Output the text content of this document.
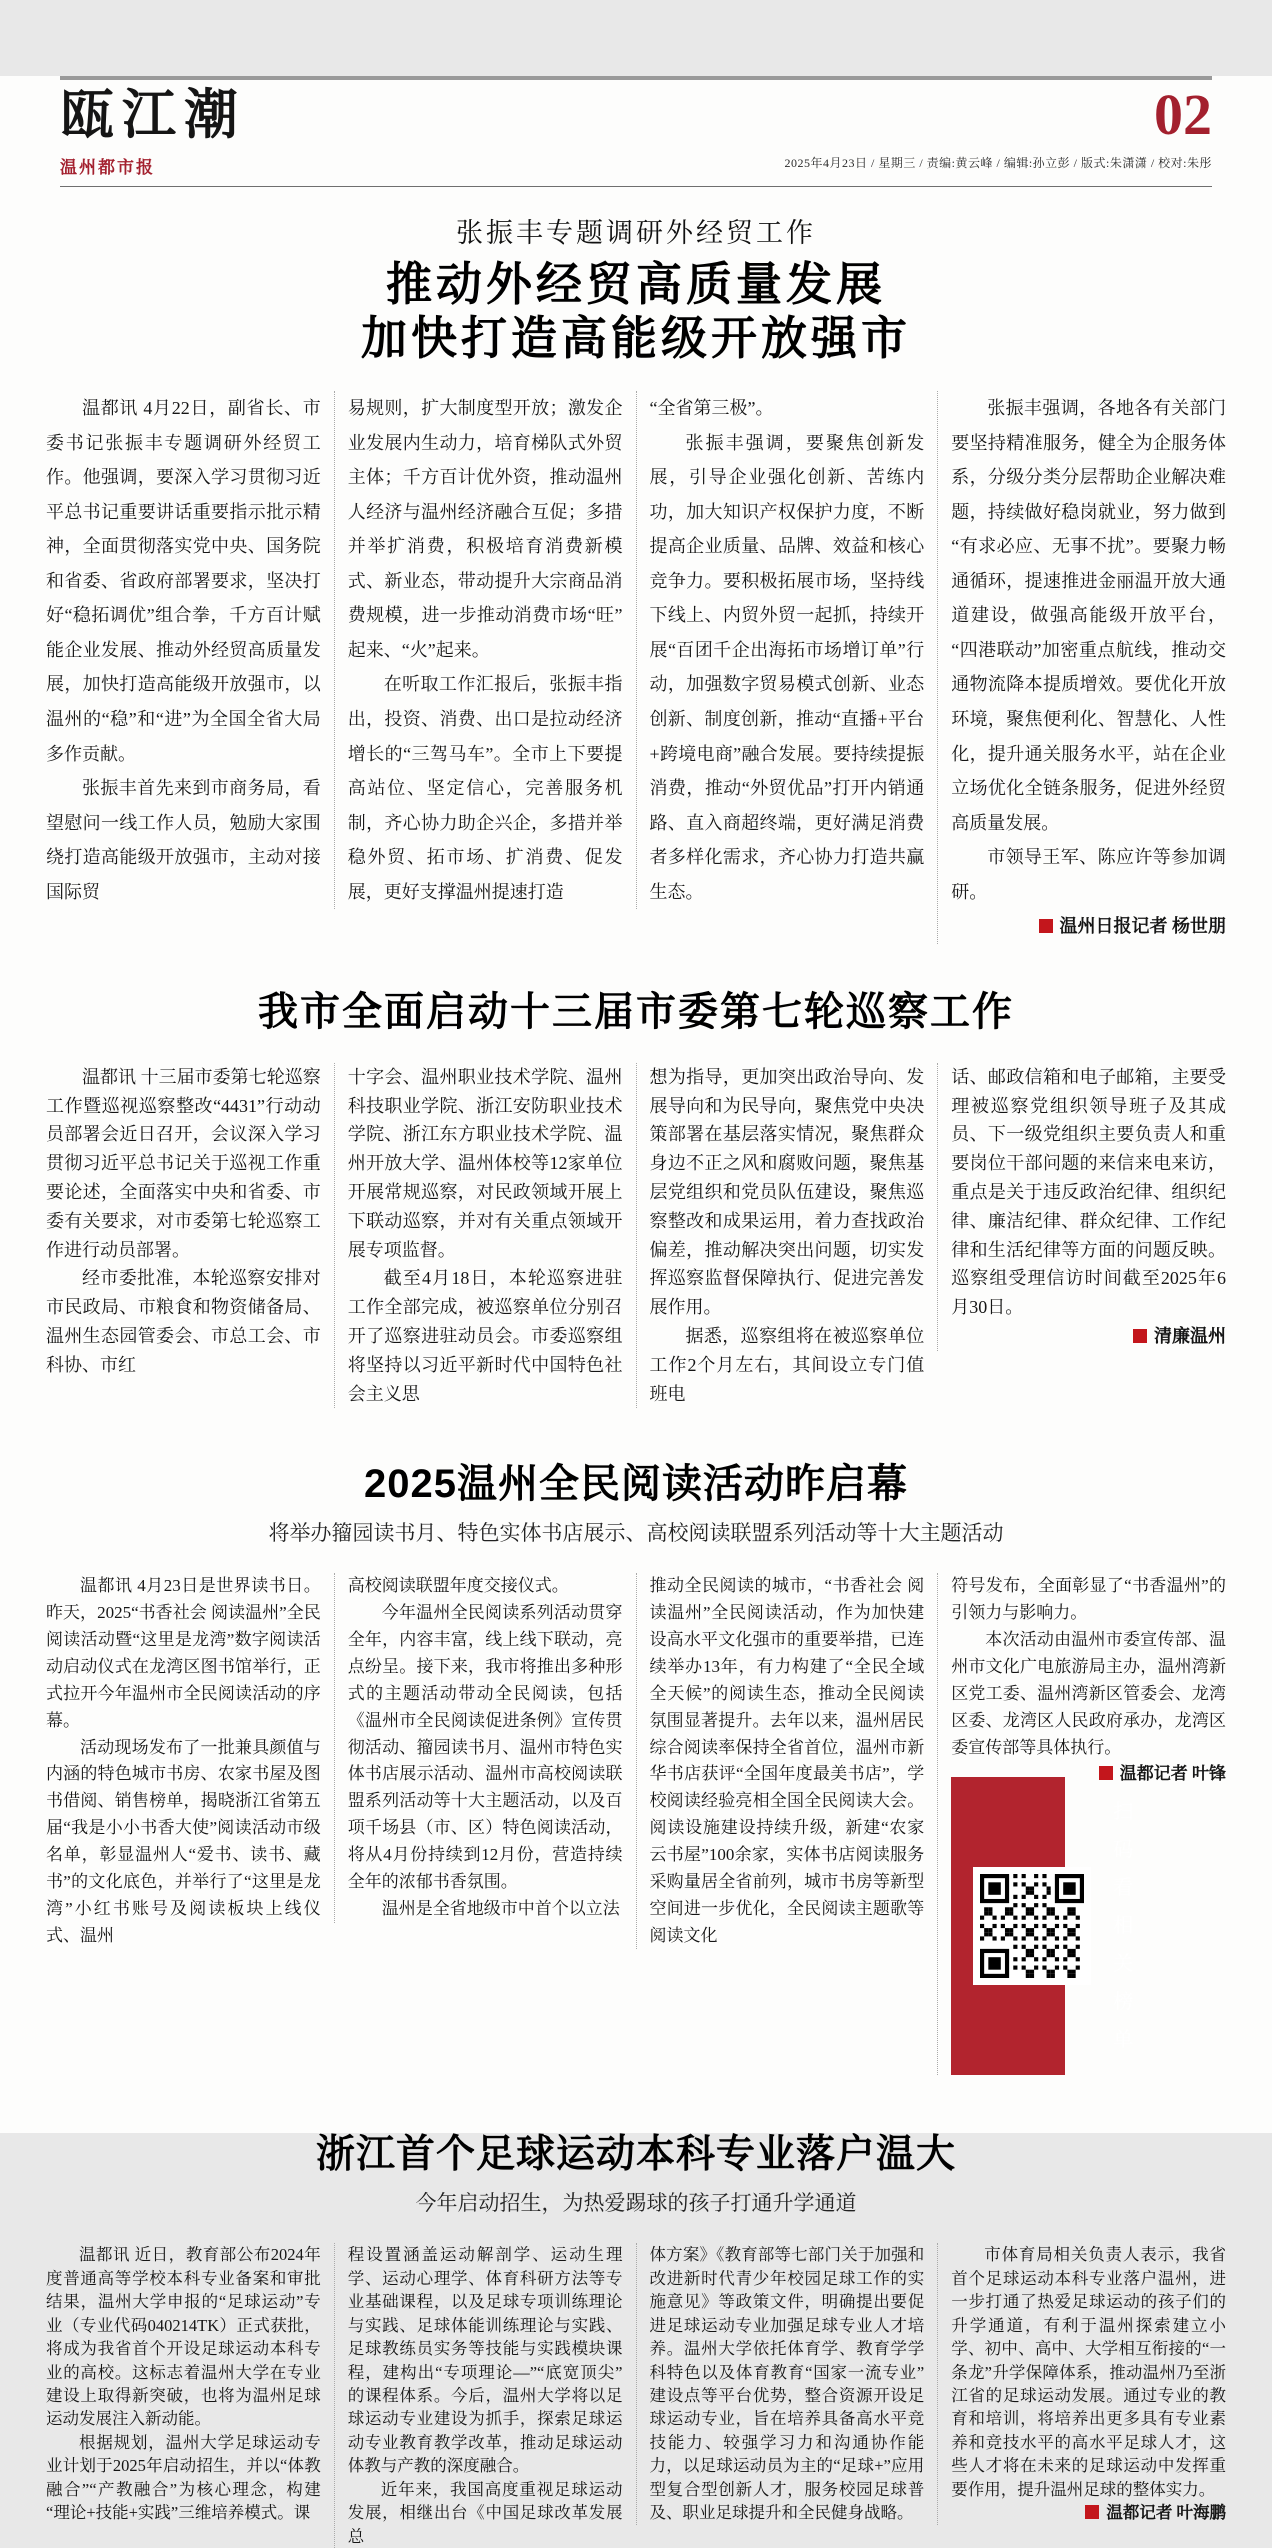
瓯江潮
温州都市报
02
2025年4月23日 / 星期三 / 责编:黄云峰 / 编辑:孙立彭 / 版式:朱潇潇 / 校对:朱彤
张振丰专题调研外经贸工作
推动外经贸高质量发展
加快打造高能级开放强市

温都讯 4月22日，副省长、市委书记张振丰专题调研外经贸工作。他强调，要深入学习贯彻习近平总书记重要讲话重要指示批示精神，全面贯彻落实党中央、国务院和省委、省政府部署要求，坚决打好“稳拓调优”组合拳，千方百计赋能企业发展、推动外经贸高质量发展，加快打造高能级开放强市，以温州的“稳”和“进”为全国全省大局多作贡献。

张振丰首先来到市商务局，看望慰问一线工作人员，勉励大家围绕打造高能级开放强市，主动对接国际贸

易规则，扩大制度型开放；激发企业发展内生动力，培育梯队式外贸主体；千方百计优外资，推动温州人经济与温州经济融合互促；多措并举扩消费，积极培育消费新模式、新业态，带动提升大宗商品消费规模，进一步推动消费市场“旺”起来、“火”起来。

在听取工作汇报后，张振丰指出，投资、消费、出口是拉动经济增长的“三驾马车”。全市上下要提高站位、坚定信心，完善服务机制，齐心协力助企兴企，多措并举稳外贸、拓市场、扩消费、促发展，更好支撑温州提速打造

“全省第三极”。

张振丰强调，要聚焦创新发展，引导企业强化创新、苦练内功，加大知识产权保护力度，不断提高企业质量、品牌、效益和核心竞争力。要积极拓展市场，坚持线下线上、内贸外贸一起抓，持续开展“百团千企出海拓市场增订单”行动，加强数字贸易模式创新、业态创新、制度创新，推动“直播+平台+跨境电商”融合发展。要持续提振消费，推动“外贸优品”打开内销通路、直入商超终端，更好满足消费者多样化需求，齐心协力打造共赢生态。

张振丰强调，各地各有关部门要坚持精准服务，健全为企服务体系，分级分类分层帮助企业解决难题，持续做好稳岗就业，努力做到“有求必应、无事不扰”。要聚力畅通循环，提速推进金丽温开放大通道建设，做强高能级开放平台，“四港联动”加密重点航线，推动交通物流降本提质增效。要优化开放环境，聚焦便利化、智慧化、人性化，提升通关服务水平，站在企业立场优化全链条服务，促进外经贸高质量发展。

市领导王军、陈应许等参加调研。

温州日报记者 杨世朋
我市全面启动十三届市委第七轮巡察工作

温都讯 十三届市委第七轮巡察工作暨巡视巡察整改“4431”行动动员部署会近日召开，会议深入学习贯彻习近平总书记关于巡视工作重要论述，全面落实中央和省委、市委有关要求，对市委第七轮巡察工作进行动员部署。

经市委批准，本轮巡察安排对市民政局、市粮食和物资储备局、温州生态园管委会、市总工会、市科协、市红

十字会、温州职业技术学院、温州科技职业学院、浙江安防职业技术学院、浙江东方职业技术学院、温州开放大学、温州体校等12家单位开展常规巡察，对民政领域开展上下联动巡察，并对有关重点领域开展专项监督。

截至4月18日，本轮巡察进驻工作全部完成，被巡察单位分别召开了巡察进驻动员会。市委巡察组将坚持以习近平新时代中国特色社会主义思

想为指导，更加突出政治导向、发展导向和为民导向，聚焦党中央决策部署在基层落实情况，聚焦群众身边不正之风和腐败问题，聚焦基层党组织和党员队伍建设，聚焦巡察整改和成果运用，着力查找政治偏差，推动解决突出问题，切实发挥巡察监督保障执行、促进完善发展作用。

据悉，巡察组将在被巡察单位工作2个月左右，其间设立专门值班电

话、邮政信箱和电子邮箱，主要受理被巡察党组织领导班子及其成员、下一级党组织主要负责人和重要岗位干部问题的来信来电来访，重点是关于违反政治纪律、组织纪律、廉洁纪律、群众纪律、工作纪律和生活纪律等方面的问题反映。巡察组受理信访时间截至2025年6月30日。

清廉温州
2025温州全民阅读活动昨启幕
将举办籀园读书月、特色实体书店展示、高校阅读联盟系列活动等十大主题活动

温都讯 4月23日是世界读书日。昨天，2025“书香社会 阅读温州”全民阅读活动暨“这里是龙湾”数字阅读活动启动仪式在龙湾区图书馆举行，正式拉开今年温州市全民阅读活动的序幕。

活动现场发布了一批兼具颜值与内涵的特色城市书房、农家书屋及图书借阅、销售榜单，揭晓浙江省第五届“我是小小书香大使”阅读活动市级名单，彰显温州人“爱书、读书、藏书”的文化底色，并举行了“这里是龙湾”小红书账号及阅读板块上线仪式、温州

高校阅读联盟年度交接仪式。

今年温州全民阅读系列活动贯穿全年，内容丰富，线上线下联动，亮点纷呈。接下来，我市将推出多种形式的主题活动带动全民阅读，包括《温州市全民阅读促进条例》宣传贯彻活动、籀园读书月、温州市特色实体书店展示活动、温州市高校阅读联盟系列活动等十大主题活动，以及百项千场县（市、区）特色阅读活动，将从4月份持续到12月份，营造持续全年的浓郁书香氛围。

温州是全省地级市中首个以立法

推动全民阅读的城市，“书香社会 阅读温州”全民阅读活动，作为加快建设高水平文化强市的重要举措，已连续举办13年，有力构建了“全民全域全天候”的阅读生态，推动全民阅读氛围显著提升。去年以来，温州居民综合阅读率保持全省首位，温州市新华书店获评“全国年度最美书店”，学校阅读经验亮相全国全民阅读大会。阅读设施建设持续升级，新建“农家云书屋”100余家，实体书店阅读服务采购量居全省前列，城市书房等新型空间进一步优化，全民阅读主题歌等阅读文化

符号发布，全面彰显了“书香温州”的引领力与影响力。

本次活动由温州市委宣传部、温州市文化广电旅游局主办，温州湾新区党工委、温州湾新区管委会、龙湾区委、龙湾区人民政府承办，龙湾区委宣传部等具体执行。
温都记者 叶锋

扫码看
相关榜单
浙江首个足球运动本科专业落户温大
今年启动招生，为热爱踢球的孩子打通升学通道

温都讯 近日，教育部公布2024年度普通高等学校本科专业备案和审批结果，温州大学申报的“足球运动”专业（专业代码040214TK）正式获批，将成为我省首个开设足球运动本科专业的高校。这标志着温州大学在专业建设上取得新突破，也将为温州足球运动发展注入新动能。

根据规划，温州大学足球运动专业计划于2025年启动招生，并以“体教融合”“产教融合”为核心理念，构建“理论+技能+实践”三维培养模式。课

程设置涵盖运动解剖学、运动生理学、运动心理学、体育科研方法等专业基础课程，以及足球专项训练理论与实践、足球体能训练理论与实践、足球教练员实务等技能与实践模块课程，建构出“专项理论—”“底宽顶尖”的课程体系。今后，温州大学将以足球运动专业建设为抓手，探索足球运动专业教育教学改革，推动足球运动体教与产教的深度融合。

近年来，我国高度重视足球运动发展，相继出台《中国足球改革发展总

体方案》《教育部等七部门关于加强和改进新时代青少年校园足球工作的实施意见》等政策文件，明确提出要促进足球运动专业加强足球专业人才培养。温州大学依托体育学、教育学学科特色以及体育教育“国家一流专业”建设点等平台优势，整合资源开设足球运动专业，旨在培养具备高水平竞技能力、较强学习力和沟通协作能力，以足球运动员为主的“足球+”应用型复合型创新人才，服务校园足球普及、职业足球提升和全民健身战略。

市体育局相关负责人表示，我省首个足球运动本科专业落户温州，进一步打通了热爱足球运动的孩子们的升学通道，有利于温州探索建立小学、初中、高中、大学相互衔接的“一条龙”升学保障体系，推动温州乃至浙江省的足球运动发展。通过专业的教育和培训，将培养出更多具有专业素养和竞技水平的高水平足球人才，这些人才将在未来的足球运动中发挥重要作用，提升温州足球的整体实力。

温都记者 叶海鹏
